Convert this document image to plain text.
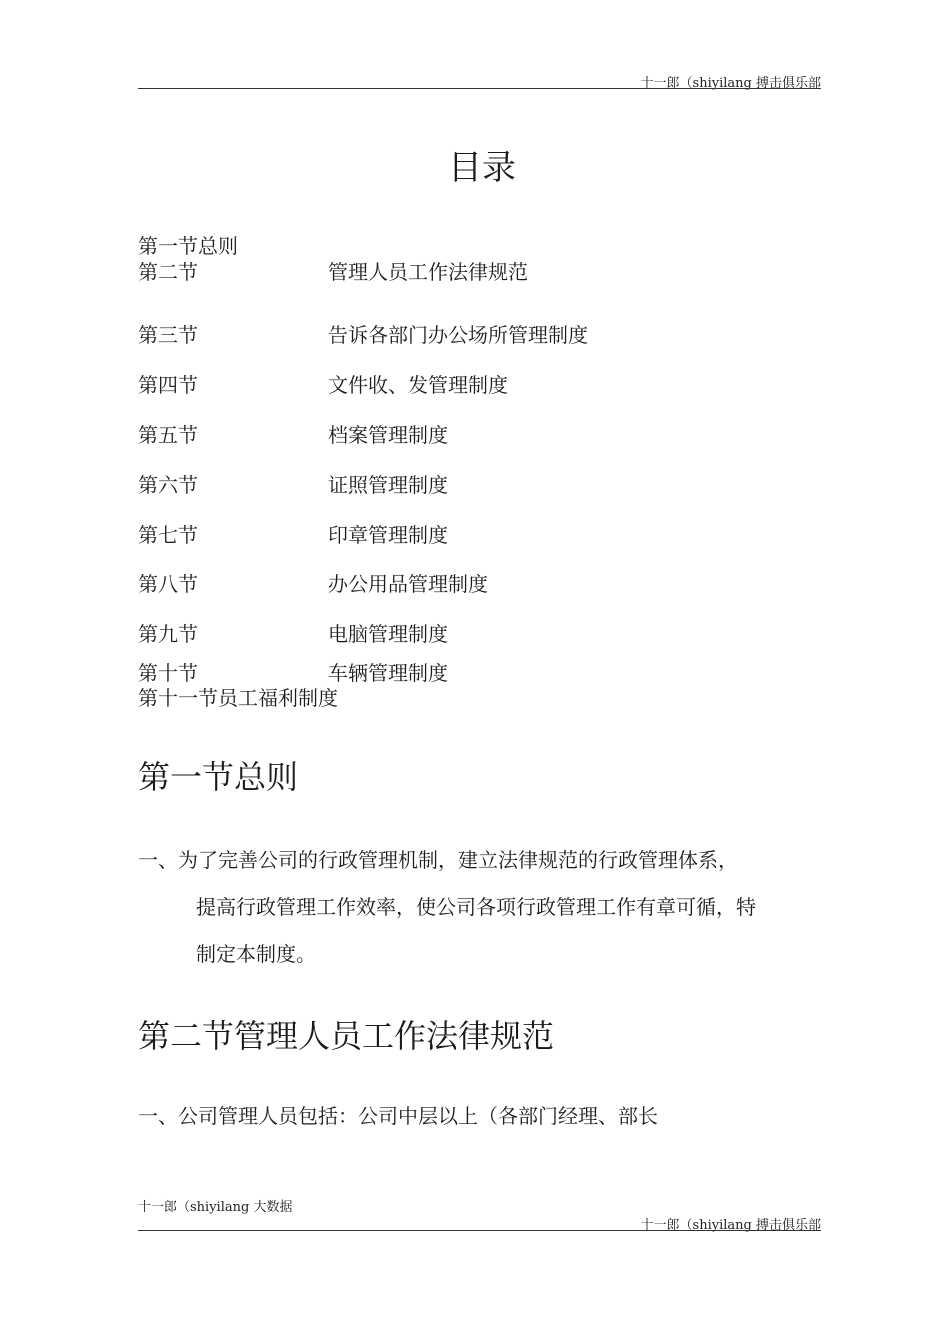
十一郎（shiyilang 搏击俱乐部
目录
第一节总则
第二节	管理人员工作法律规范
第三节	告诉各部门办公场所管理制度
第四节	文件收、发管理制度
第五节	档案管理制度
第六节	证照管理制度
第七节	印章管理制度
第八节	办公用品管理制度
第九节	电脑管理制度
第十节	车辆管理制度
第十一节员工福利制度
第一节总则
一、为了完善公司的行政管理机制，建立法律规范的行政管理体系，
提高行政管理工作效率，使公司各项行政管理工作有章可循，特
制定本制度。
第二节管理人员工作法律规范
一、公司管理人员包括：公司中层以上（各部门经理、部长
十一郎（shiyilang 大数据
十一郎（shiyilang 搏击俱乐部
